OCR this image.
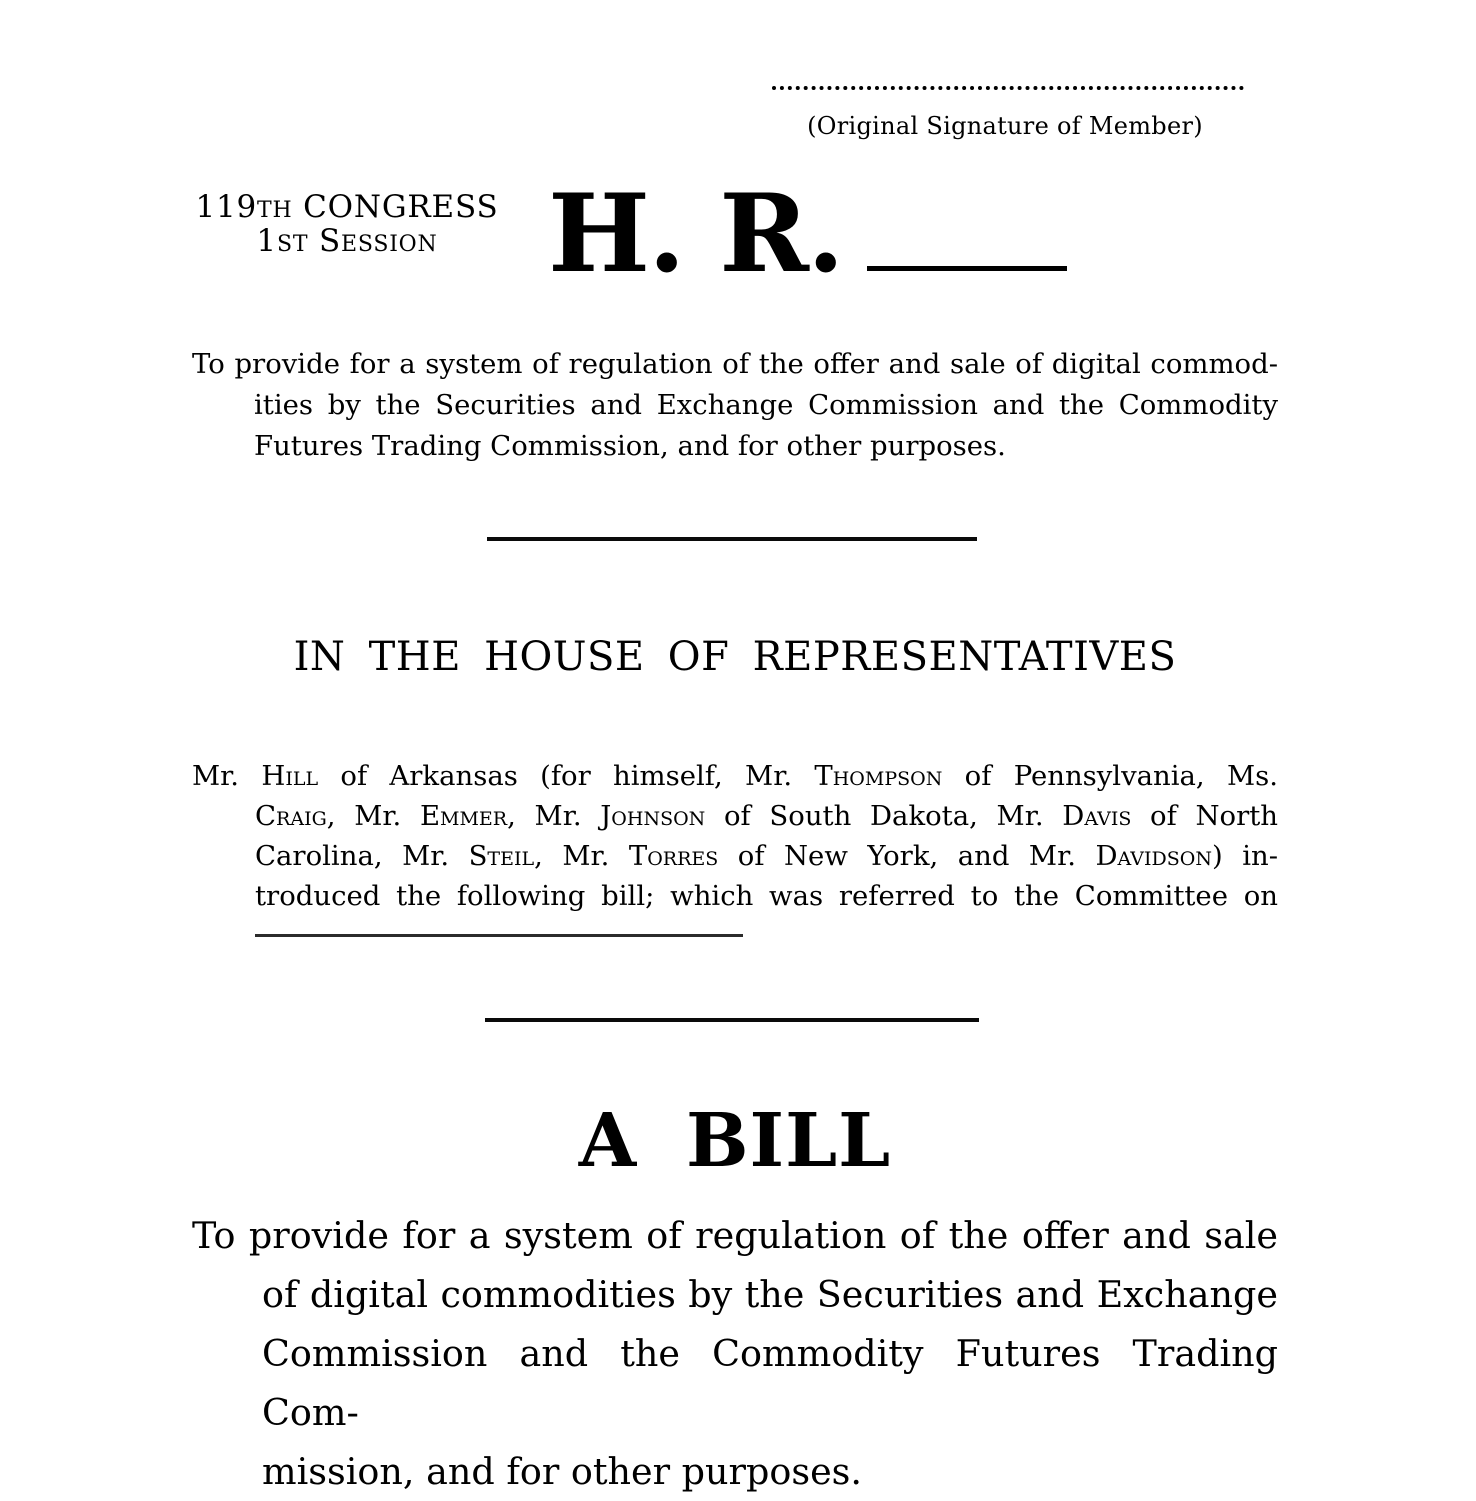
(Original Signature of Member)
119th CONGRESS
1st Session	H. R.
To provide for a system of regulation of the offer and sale of digital commod-
ities by the Securities and Exchange Commission and the Commodity
Futures Trading Commission, and for other purposes.
IN THE HOUSE OF REPRESENTATIVES
Mr. Hill of Arkansas (for himself, Mr. Thompson of Pennsylvania, Ms.
Craig, Mr. Emmer, Mr. Johnson of South Dakota, Mr. Davis of North
Carolina, Mr. Steil, Mr. Torres of New York, and Mr. Davidson) in-
troduced the following bill; which was referred to the Committee on
A BILL
To provide for a system of regulation of the offer and sale
of digital commodities by the Securities and Exchange
Commission and the Commodity Futures Trading Com-
mission, and for other purposes.
